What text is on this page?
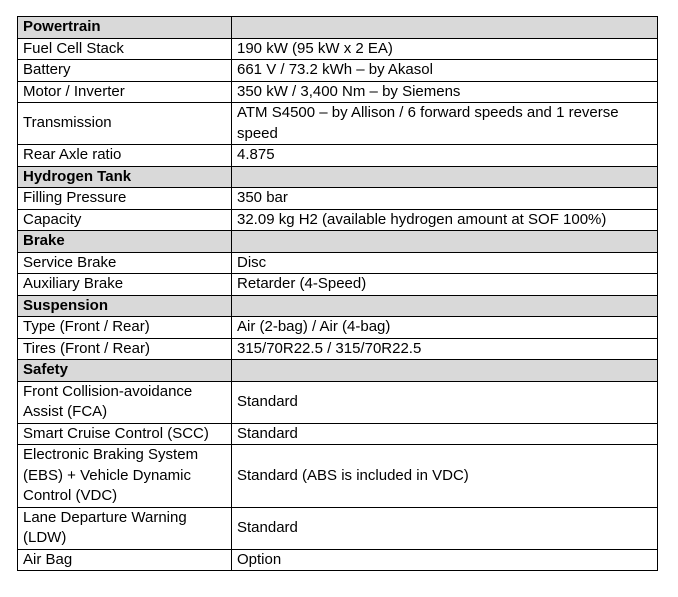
Powertrain	
Fuel Cell Stack	190 kW (95 kW x 2 EA)
Battery	661 V / 73.2 kWh – by Akasol
Motor / Inverter	350 kW / 3,400 Nm – by Siemens
Transmission	ATM S4500 – by Allison / 6 forward speeds and 1 reverse speed
Rear Axle ratio	4.875
Hydrogen Tank	
Filling Pressure	350 bar
Capacity	32.09 kg H2 (available hydrogen amount at SOF 100%)
Brake	
Service Brake	Disc
Auxiliary Brake	Retarder (4-Speed)
Suspension	
Type (Front / Rear)	Air (2-bag) / Air (4-bag)
Tires (Front / Rear)	315/70R22.5 / 315/70R22.5
Safety	
Front Collision-avoidance Assist (FCA)	Standard
Smart Cruise Control (SCC)	Standard
Electronic Braking System (EBS) + Vehicle Dynamic Control (VDC)	Standard (ABS is included in VDC)
Lane Departure Warning (LDW)	Standard
Air Bag	Option
